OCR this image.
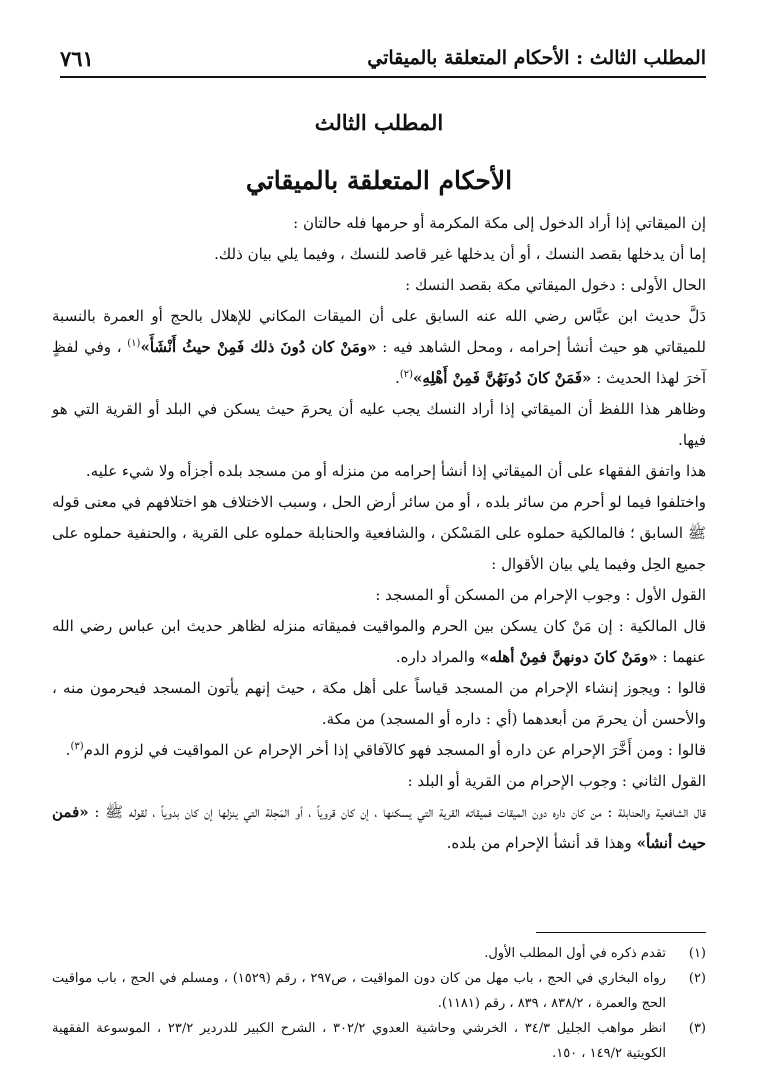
المطلب الثالث : الأحكام المتعلقة بالميقاتي
٧٦١
المطلب الثالث
الأحكام المتعلقة بالميقاتي

إن الميقاتي إذا أراد الدخول إلى مكة المكرمة أو حرمها فله حالتان :

إما أن يدخلها بقصد النسك ، أو أن يدخلها غير قاصد للنسك ، وفيما يلي بيان ذلك.

الحال الأولى : دخول الميقاتي مكة بقصد النسك :

دَلَّ حديث ابن عبَّاس رضي الله عنه السابق على أن الميقات المكاني للإهلال بالحج أو العمرة بالنسبة للميقاتي هو حيث أنشأ إحرامه ، ومحل الشاهد فيه : «ومَنْ كان دُونَ ذلك فَمِنْ حيثُ أَنْشَأَ»$^{(١)}$ ، وفي لفظٍ آخرَ لهذا الحديث : «فَمَنْ كانَ دُونَهُنَّ فَمِنْ أَهْلِهِ»$^{(٢)}$.

وظاهر هذا اللفظ أن الميقاتي إذا أراد النسك يجب عليه أن يحرمَ حيث يسكن في البلد أو القرية التي هو فيها.

هذا واتفق الفقهاء على أن الميقاتي إذا أنشأ إحرامه من منزله أو من مسجد بلده أجزأه ولا شيء عليه.

واختلفوا فيما لو أحرم من سائر بلده ، أو من سائر أرض الحل ، وسبب الاختلاف هو اختلافهم في معنى قوله ﷺ السابق ؛ فالمالكية حملوه على المَسْكن ، والشافعية والحنابلة حملوه على القرية ، والحنفية حملوه على جميع الحِل وفيما يلي بيان الأقوال :

القول الأول : وجوب الإحرام من المسكن أو المسجد :

قال المالكية : إن مَنْ كان يسكن بين الحرم والمواقيت فميقاته منزله لظاهر حديث ابن عباس رضي الله عنهما : «ومَنْ كانَ دونهنَّ فمِنْ أهله» والمراد داره.

قالوا : ويجوز إنشاء الإحرام من المسجد قياساً على أهل مكة ، حيث إنهم يأتون المسجد فيحرمون منه ، والأحسن أن يحرمَ من أبعدهما (أي : داره أو المسجد) من مكة.

قالوا : ومن أَخَّرَ الإحرام عن داره أو المسجد فهو كالآفاقي إذا أخر الإحرام عن المواقيت في لزوم الدم$^{(٣)}$.

القول الثاني : وجوب الإحرام من القرية أو البلد :

قال الشافعية والحنابلة : من كان داره دون الميقات فميقاته القرية التي يسكنها ، إن كان قروياً ، أو المَحِلة التي ينزلها إن كان بدوياً ، لقوله ﷺ : «فمن حيث أنشأ» وهذا قد أنشأ الإحرام من بلده.

(١)
تقدم ذكره في أول المطلب الأول.
(٢)
رواه البخاري في الحج ، باب مهل من كان دون المواقيت ، ص٢٩٧ ، رقم (١٥٢٩) ، ومسلم في الحج ، باب مواقيت الحج والعمرة ، ٨٣٨/٢ ، ٨٣٩ ، رقم (١١٨١).
(٣)
انظر مواهب الجليل ٣٤/٣ ، الخرشي وحاشية العدوي ٣٠٢/٢ ، الشرح الكبير للدردير ٢٣/٢ ، الموسوعة الفقهية الكويتية ١٤٩/٢ ، ١٥٠.
